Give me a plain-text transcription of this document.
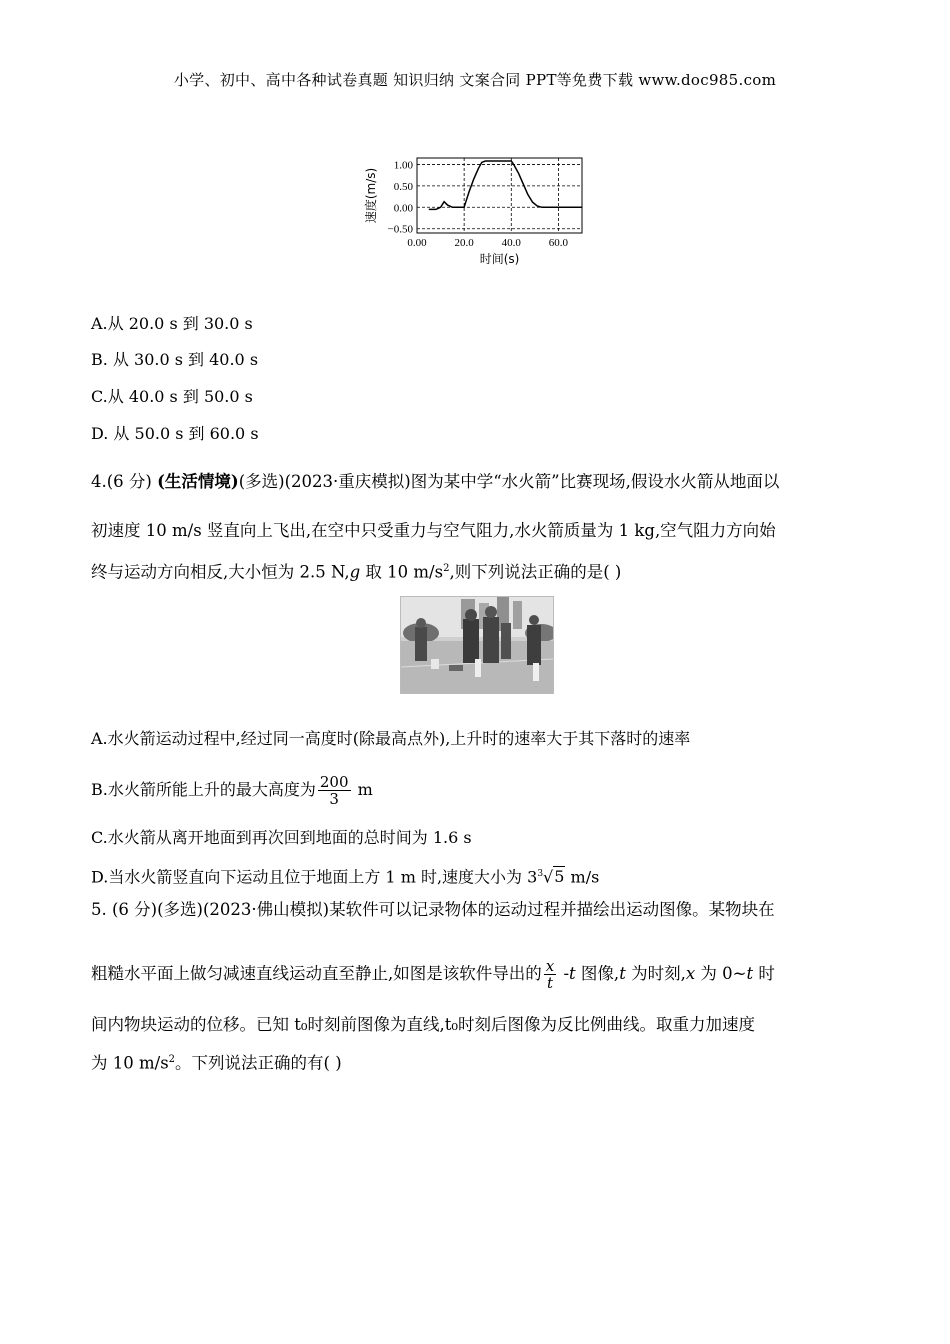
小学、初中、高中各种试卷真题 知识归纳 文案合同 PPT等免费下载 www.doc985.com
0.00	20.0	40.0	60.0
1.00
0.50
0.00
−0.50
时间(s)
速度(m/s)
A.从 20.0 s 到 30.0 s
B. 从 30.0 s 到 40.0 s
C.从 40.0 s 到 50.0 s
D. 从 50.0 s 到 60.0 s
4.(6 分) (生活情境)(多选)(2023·重庆模拟)图为某中学“水火箭”比赛现场,假设水火箭从地面以
初速度 10 m/s 竖直向上飞出,在空中只受重力与空气阻力,水火箭质量为 1 kg,空气阻力方向始
终与运动方向相反,大小恒为 2.5 N,g 取 10 $m/s^2$,则下列说法正确的是( )
A.水火箭运动过程中,经过同一高度时(除最高点外),上升时的速率大于其下落时的速率
B.水火箭所能上升的最大高度为 $\frac{200}{3}$ m
C.水火箭从离开地面到再次回到地面的总时间为 1.6 s
D.当水火箭竖直向下运动且位于地面上方 1 m 时,速度大小为 $3^3√5$ m/s
5. (6 分)(多选)(2023·佛山模拟)某软件可以记录物体的运动过程并描绘出运动图像。某物块在
粗糙水平面上做匀减速直线运动直至静止,如图是该软件导出的 $\frac{x}{t} -t$ 图像,t 为时刻,x 为 0~t 时
间内物块运动的位移。已知 t₀时刻前图像为直线,t₀时刻后图像为反比例曲线。取重力加速度
为 10 $m/s^2$。下列说法正确的有( )
